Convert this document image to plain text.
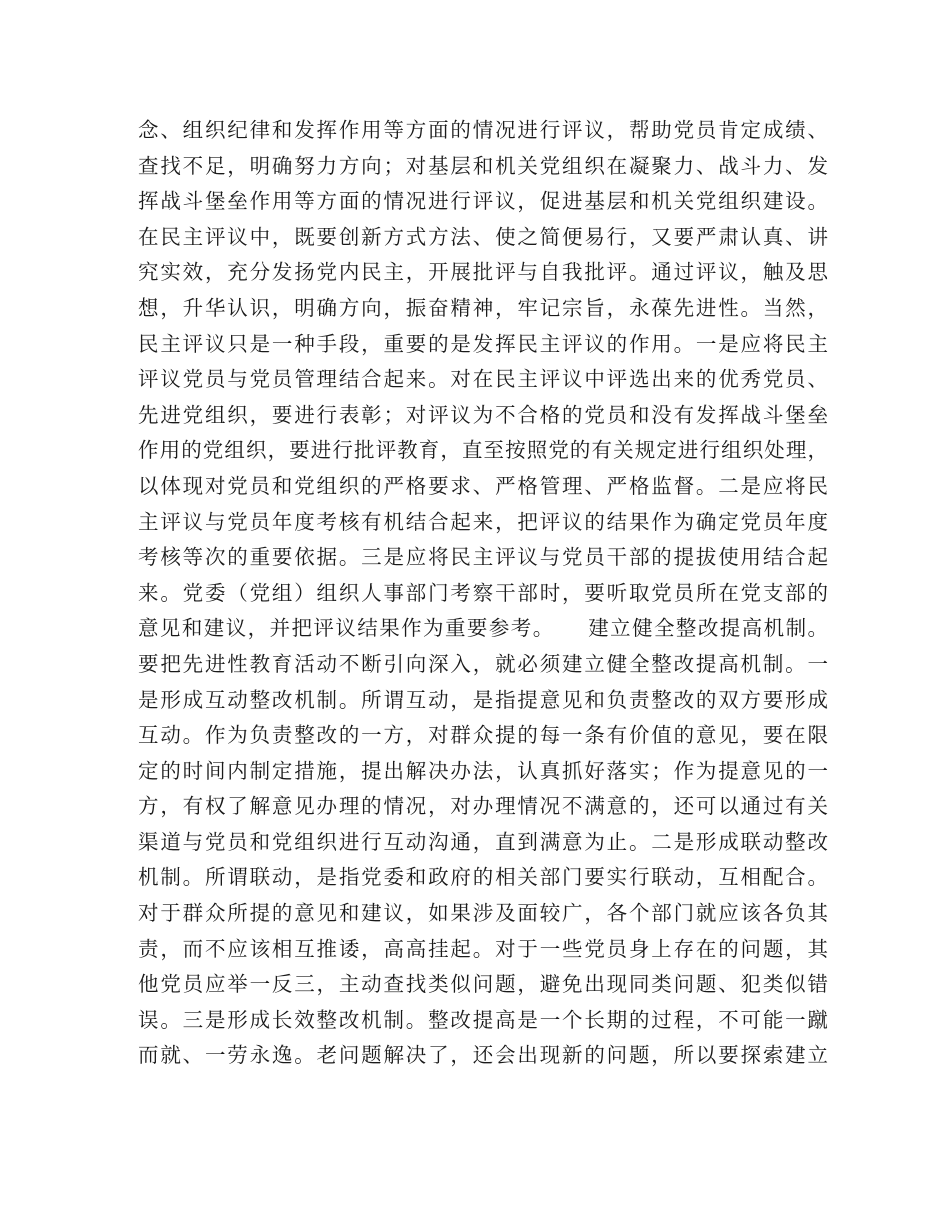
念、组织纪律和发挥作用等方面的情况进行评议，帮助党员肯定成绩、
查找不足，明确努力方向；对基层和机关党组织在凝聚力、战斗力、发
挥战斗堡垒作用等方面的情况进行评议，促进基层和机关党组织建设。
在民主评议中，既要创新方式方法、使之简便易行，又要严肃认真、讲
究实效，充分发扬党内民主，开展批评与自我批评。通过评议，触及思
想，升华认识，明确方向，振奋精神，牢记宗旨，永葆先进性。当然，
民主评议只是一种手段，重要的是发挥民主评议的作用。一是应将民主
评议党员与党员管理结合起来。对在民主评议中评选出来的优秀党员、
先进党组织，要进行表彰；对评议为不合格的党员和没有发挥战斗堡垒
作用的党组织，要进行批评教育，直至按照党的有关规定进行组织处理，
以体现对党员和党组织的严格要求、严格管理、严格监督。二是应将民
主评议与党员年度考核有机结合起来，把评议的结果作为确定党员年度
考核等次的重要依据。三是应将民主评议与党员干部的提拔使用结合起
来。党委（党组）组织人事部门考察干部时，要听取党员所在党支部的
意见和建议，并把评议结果作为重要参考。　　建立健全整改提高机制。
要把先进性教育活动不断引向深入，就必须建立健全整改提高机制。一
是形成互动整改机制。所谓互动，是指提意见和负责整改的双方要形成
互动。作为负责整改的一方，对群众提的每一条有价值的意见，要在限
定的时间内制定措施，提出解决办法，认真抓好落实；作为提意见的一
方，有权了解意见办理的情况，对办理情况不满意的，还可以通过有关
渠道与党员和党组织进行互动沟通，直到满意为止。二是形成联动整改
机制。所谓联动，是指党委和政府的相关部门要实行联动，互相配合。
对于群众所提的意见和建议，如果涉及面较广，各个部门就应该各负其
责，而不应该相互推诿，高高挂起。对于一些党员身上存在的问题，其
他党员应举一反三，主动查找类似问题，避免出现同类问题、犯类似错
误。三是形成长效整改机制。整改提高是一个长期的过程，不可能一蹴
而就、一劳永逸。老问题解决了，还会出现新的问题，所以要探索建立
